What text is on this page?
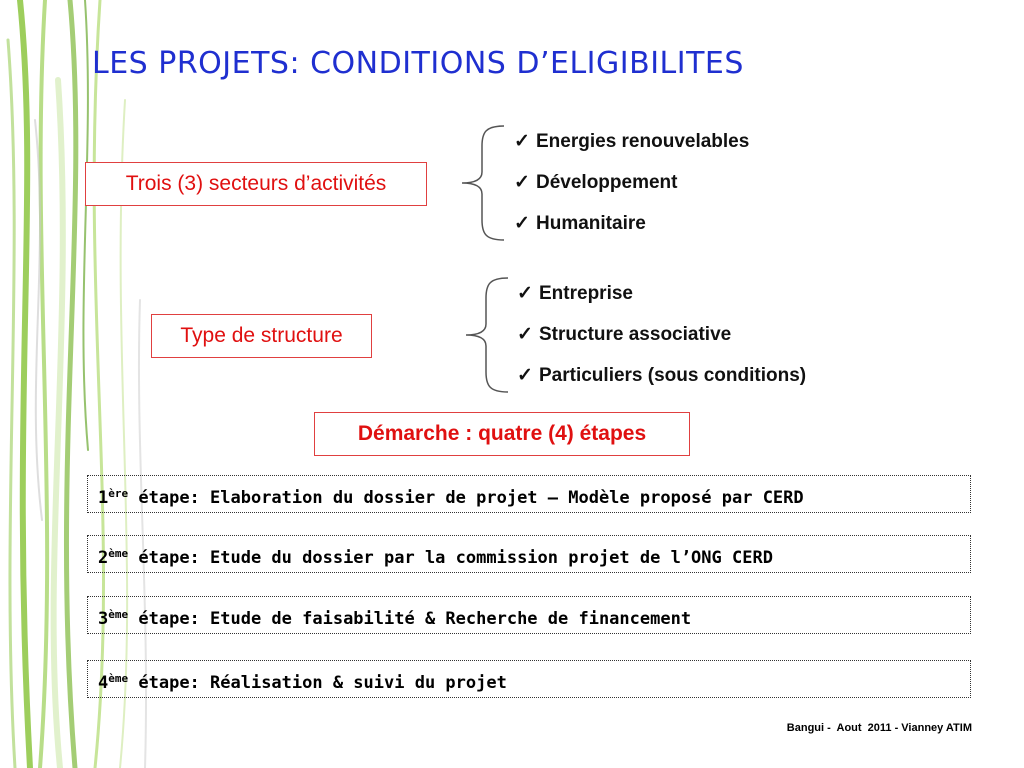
LES PROJETS: CONDITIONS D’ELIGIBILITES
Trois (3) secteurs d’activités
✓ Energies renouvelables
✓ Développement
✓ Humanitaire
Type de structure
✓ Entreprise
✓ Structure associative
✓ Particuliers (sous conditions)
Démarche : quatre (4) étapes
1ère étape: Elaboration du dossier de projet – Modèle proposé par CERD
2ème étape: Etude du dossier par la commission projet de l’ONG CERD
3ème étape: Etude de faisabilité & Recherche de financement
4ème étape: Réalisation & suivi du projet
Bangui -  Aout  2011 - Vianney ATIM
